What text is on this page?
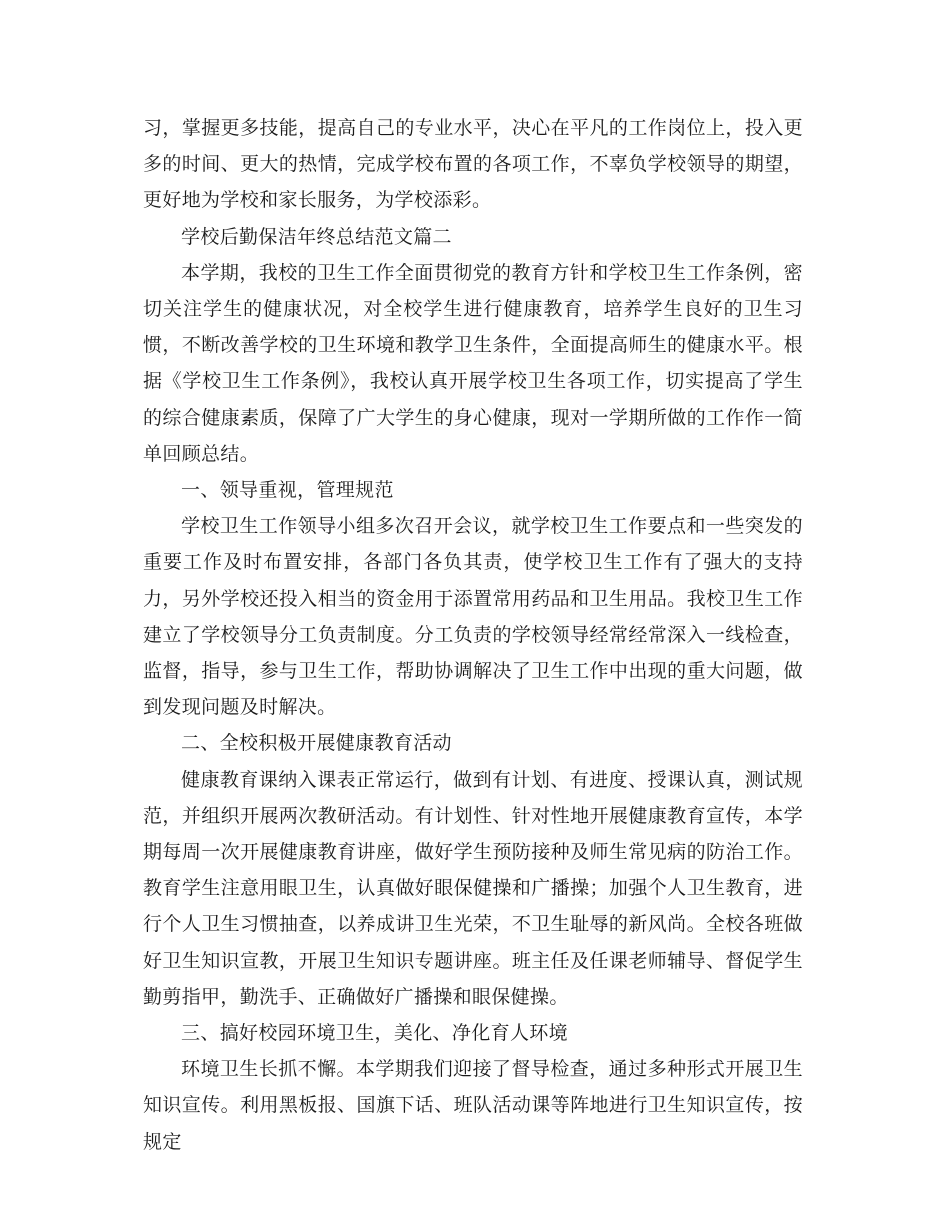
习，掌握更多技能，提高自己的专业水平，决心在平凡的工作岗位上，投入更多的时间、更大的热情，完成学校布置的各项工作，不辜负学校领导的期望，更好地为学校和家长服务，为学校添彩。

学校后勤保洁年终总结范文篇二

本学期，我校的卫生工作全面贯彻党的教育方针和学校卫生工作条例，密切关注学生的健康状况，对全校学生进行健康教育，培养学生良好的卫生习惯，不断改善学校的卫生环境和教学卫生条件，全面提高师生的健康水平。根据《学校卫生工作条例》，我校认真开展学校卫生各项工作，切实提高了学生的综合健康素质，保障了广大学生的身心健康，现对一学期所做的工作作一简单回顾总结。

一、领导重视，管理规范

学校卫生工作领导小组多次召开会议，就学校卫生工作要点和一些突发的重要工作及时布置安排，各部门各负其责，使学校卫生工作有了强大的支持力，另外学校还投入相当的资金用于添置常用药品和卫生用品。我校卫生工作建立了学校领导分工负责制度。分工负责的学校领导经常经常深入一线检查，监督，指导，参与卫生工作，帮助协调解决了卫生工作中出现的重大问题，做到发现问题及时解决。

二、全校积极开展健康教育活动

健康教育课纳入课表正常运行，做到有计划、有进度、授课认真，测试规范，并组织开展两次教研活动。有计划性、针对性地开展健康教育宣传，本学期每周一次开展健康教育讲座，做好学生预防接种及师生常见病的防治工作。教育学生注意用眼卫生，认真做好眼保健操和广播操；加强个人卫生教育，进行个人卫生习惯抽查，以养成讲卫生光荣，不卫生耻辱的新风尚。全校各班做好卫生知识宣教，开展卫生知识专题讲座。班主任及任课老师辅导、督促学生勤剪指甲，勤洗手、正确做好广播操和眼保健操。

三、搞好校园环境卫生，美化、净化育人环境

环境卫生长抓不懈。本学期我们迎接了督导检查，通过多种形式开展卫生知识宣传。利用黑板报、国旗下话、班队活动课等阵地进行卫生知识宣传，按规定
